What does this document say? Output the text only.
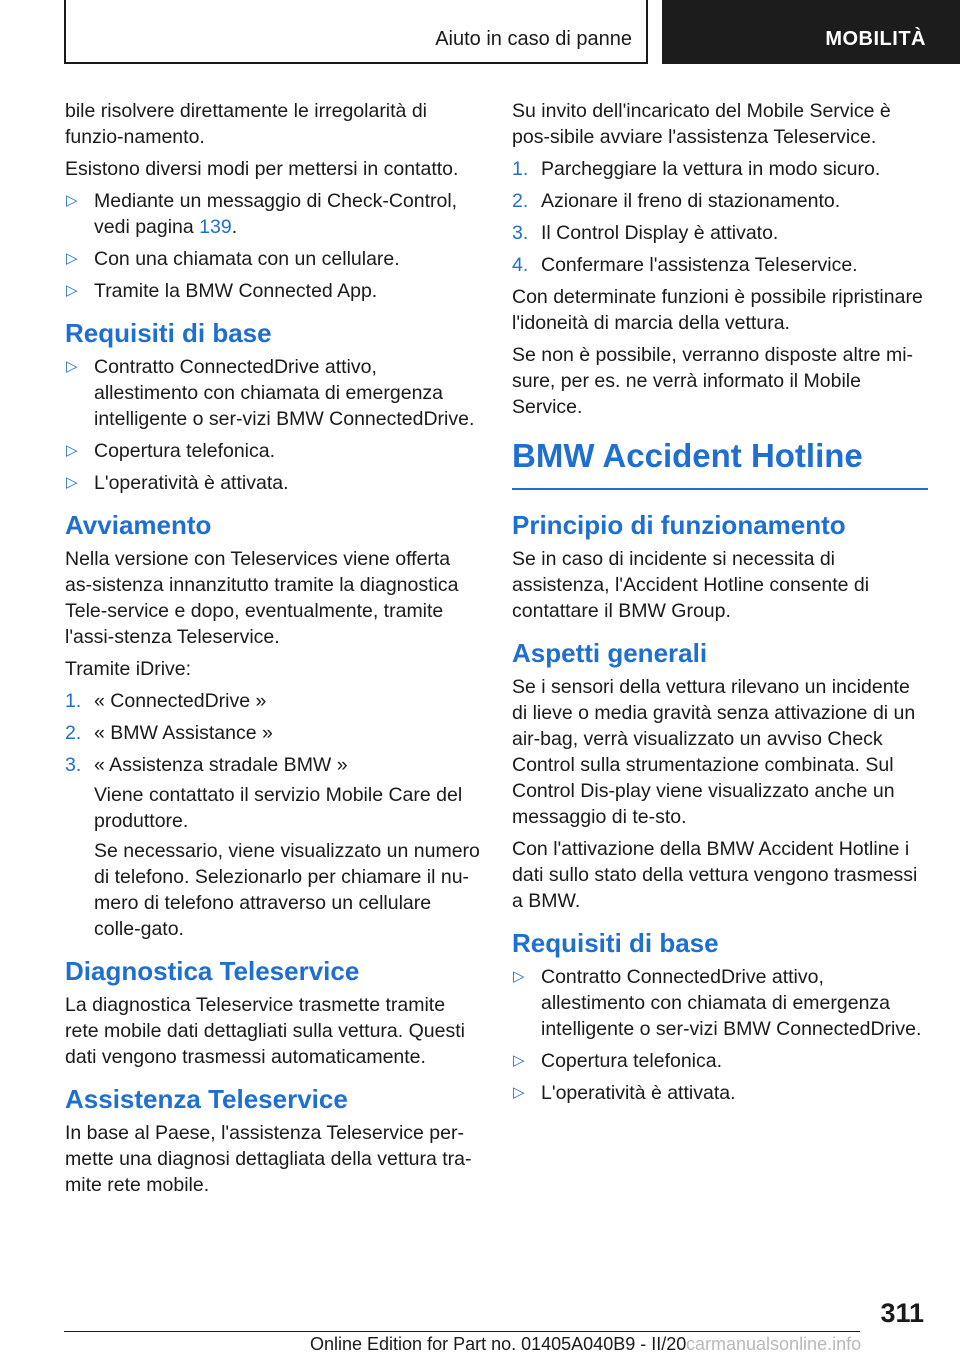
Aiuto in caso di panne	MOBILITÀ

bile risolvere direttamente le irregolarità di funzio-namento.

Esistono diversi modi per mettersi in contatto.

▷ Mediante un messaggio di Check-Control, vedi pagina 139.
▷ Con una chiamata con un cellulare.
▷ Tramite la BMW Connected App.
Requisiti di base
▷ Contratto ConnectedDrive attivo, allestimento con chiamata di emergenza intelligente o ser-vizi BMW ConnectedDrive.
▷ Copertura telefonica.
▷ L'operatività è attivata.
Avviamento

Nella versione con Teleservices viene offerta as-sistenza innanzitutto tramite la diagnostica Tele-service e dopo, eventualmente, tramite l'assi-stenza Teleservice.

Tramite iDrive:

1. « ConnectedDrive »
2. « BMW Assistance »
3. « Assistenza stradale BMW »
Viene contattato il servizio Mobile Care del produttore.
Se necessario, viene visualizzato un numero di telefono. Selezionarlo per chiamare il nu-mero di telefono attraverso un cellulare colle-gato.
Diagnostica Teleservice

La diagnostica Teleservice trasmette tramite rete mobile dati dettagliati sulla vettura. Questi dati vengono trasmessi automaticamente.

Assistenza Teleservice

In base al Paese, l'assistenza Teleservice per-mette una diagnosi dettagliata della vettura tra-mite rete mobile.

Su invito dell'incaricato del Mobile Service è pos-sibile avviare l'assistenza Teleservice.

1. Parcheggiare la vettura in modo sicuro.
2. Azionare il freno di stazionamento.
3. Il Control Display è attivato.
4. Confermare l'assistenza Teleservice.

Con determinate funzioni è possibile ripristinare l'idoneità di marcia della vettura.

Se non è possibile, verranno disposte altre mi-sure, per es. ne verrà informato il Mobile Service.

BMW Accident Hotline
Principio di funzionamento

Se in caso di incidente si necessita di assistenza, l'Accident Hotline consente di contattare il BMW Group.

Aspetti generali

Se i sensori della vettura rilevano un incidente di lieve o media gravità senza attivazione di un air-bag, verrà visualizzato un avviso Check Control sulla strumentazione combinata. Sul Control Dis-play viene visualizzato anche un messaggio di te-sto.

Con l'attivazione della BMW Accident Hotline i dati sullo stato della vettura vengono trasmessi a BMW.

Requisiti di base
▷ Contratto ConnectedDrive attivo, allestimento con chiamata di emergenza intelligente o ser-vizi BMW ConnectedDrive.
▷ Copertura telefonica.
▷ L'operatività è attivata.
311
Online Edition for Part no. 01405A040B9 - II/20 carmanualsonline.info
